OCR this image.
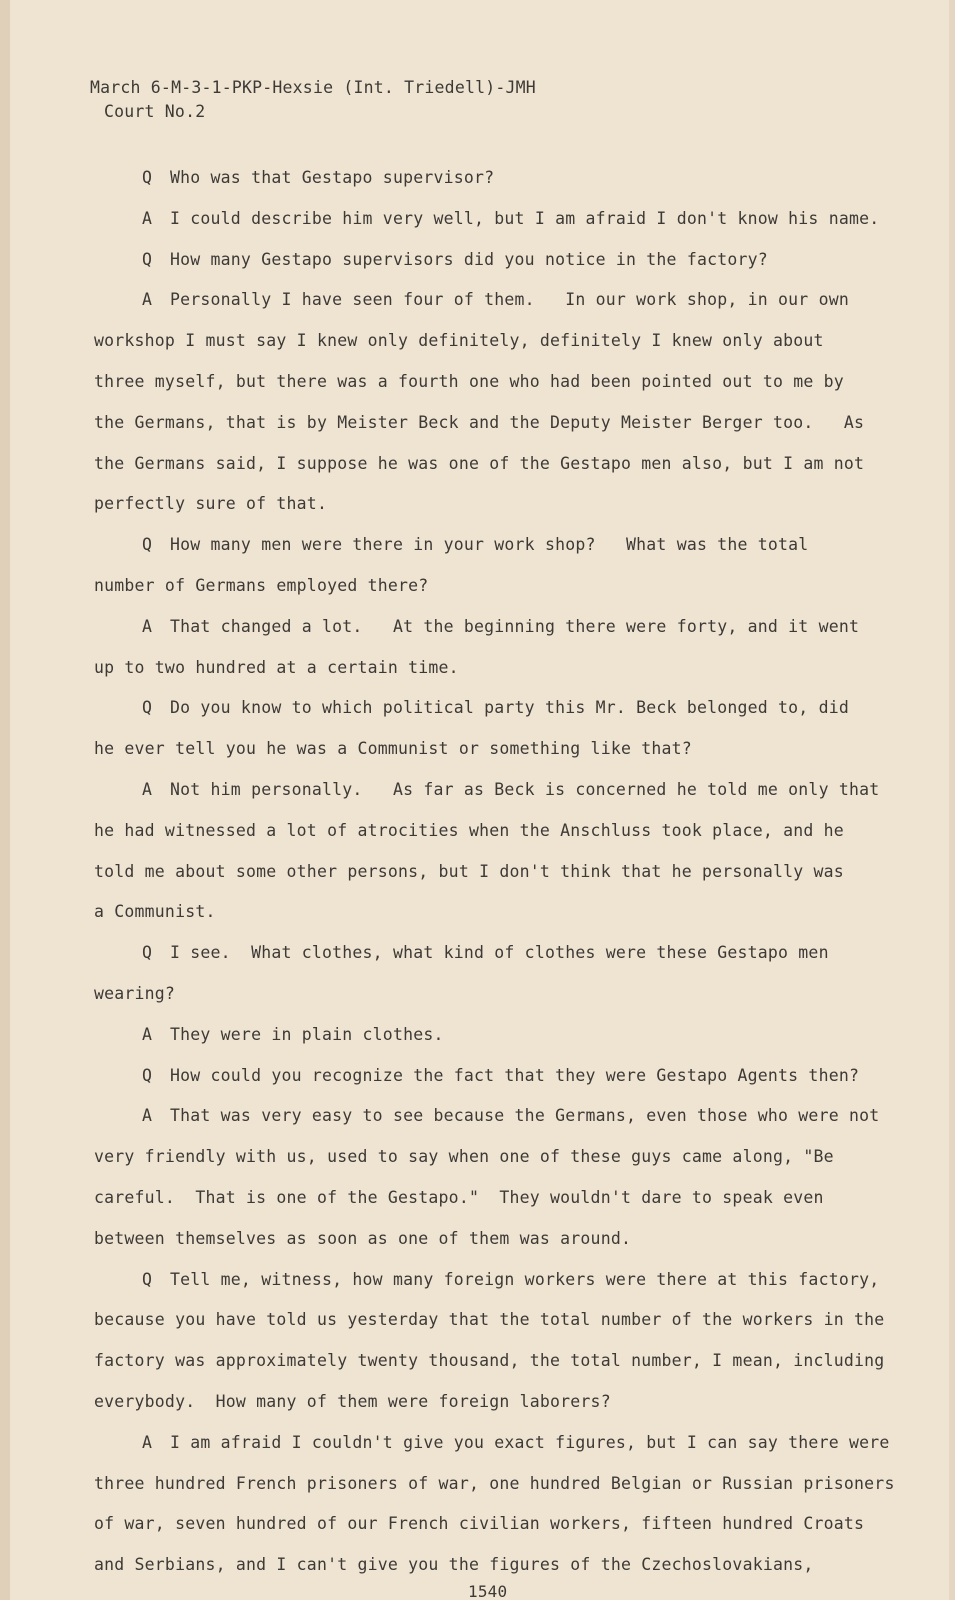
March 6-M-3-1-PKP-Hexsie (Int. Triedell)-JMH
Court No.2
Q Who was that Gestapo supervisor?
A I could describe him very well, but I am afraid I don't know his name.
Q How many Gestapo supervisors did you notice in the factory?
A Personally I have seen four of them.   In our work shop, in our own
workshop I must say I knew only definitely, definitely I knew only about
three myself, but there was a fourth one who had been pointed out to me by
the Germans, that is by Meister Beck and the Deputy Meister Berger too.   As
the Germans said, I suppose he was one of the Gestapo men also, but I am not
perfectly sure of that.
Q How many men were there in your work shop?   What was the total
number of Germans employed there?
A That changed a lot.   At the beginning there were forty, and it went
up to two hundred at a certain time.
Q Do you know to which political party this Mr. Beck belonged to, did
he ever tell you he was a Communist or something like that?
A Not him personally.   As far as Beck is concerned he told me only that
he had witnessed a lot of atrocities when the Anschluss took place, and he
told me about some other persons, but I don't think that he personally was
a Communist.
Q I see.  What clothes, what kind of clothes were these Gestapo men
wearing?
A They were in plain clothes.
Q How could you recognize the fact that they were Gestapo Agents then?
A That was very easy to see because the Germans, even those who were not
very friendly with us, used to say when one of these guys came along, "Be
careful.  That is one of the Gestapo."  They wouldn't dare to speak even
between themselves as soon as one of them was around.
Q Tell me, witness, how many foreign workers were there at this factory,
because you have told us yesterday that the total number of the workers in the
factory was approximately twenty thousand, the total number, I mean, including
everybody.  How many of them were foreign laborers?
A I am afraid I couldn't give you exact figures, but I can say there were
three hundred French prisoners of war, one hundred Belgian or Russian prisoners
of war, seven hundred of our French civilian workers, fifteen hundred Croats
and Serbians, and I can't give you the figures of the Czechoslovakians,
1540
